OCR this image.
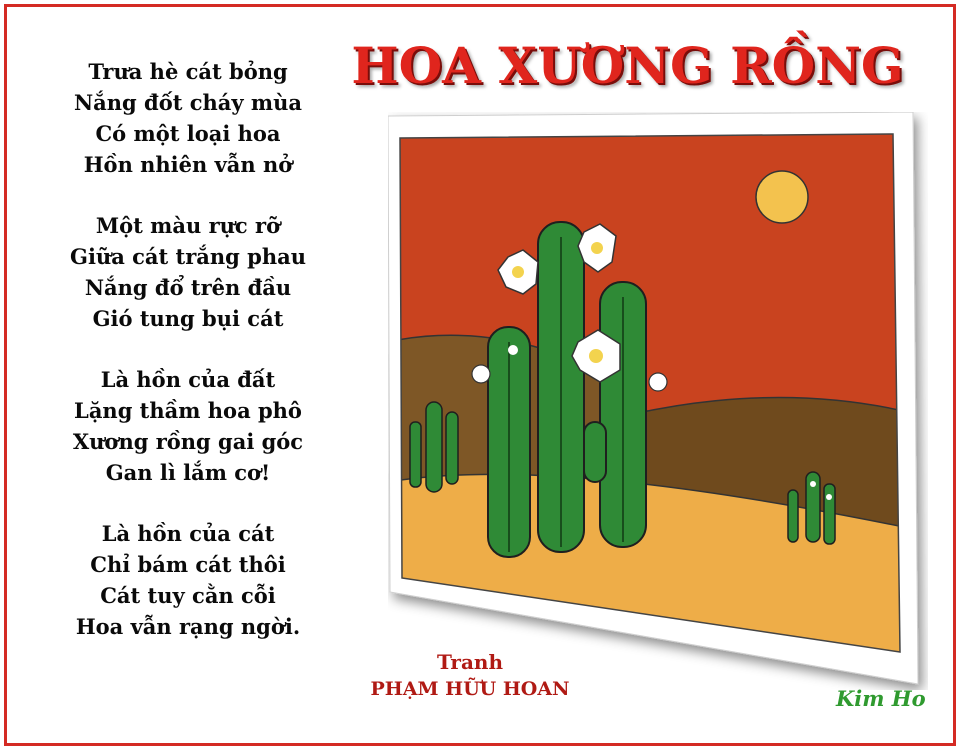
HOA XƯƠNG RỒNG
Trưa hè cát bỏng
Nắng đốt cháy mùa
Có một loại hoa
Hồn nhiên vẫn nở
Một màu rực rỡ
Giữa cát trắng phau
Nắng đổ trên đầu
Gió tung bụi cát
Là hồn của đất
Lặng thầm hoa phô
Xương rồng gai góc
Gan lì lắm cơ!
Là hồn của cát
Chỉ bám cát thôi
Cát tuy cằn cỗi
Hoa vẫn rạng ngời.
Tranh
PHẠM HỮU HOAN	Kim Ho
